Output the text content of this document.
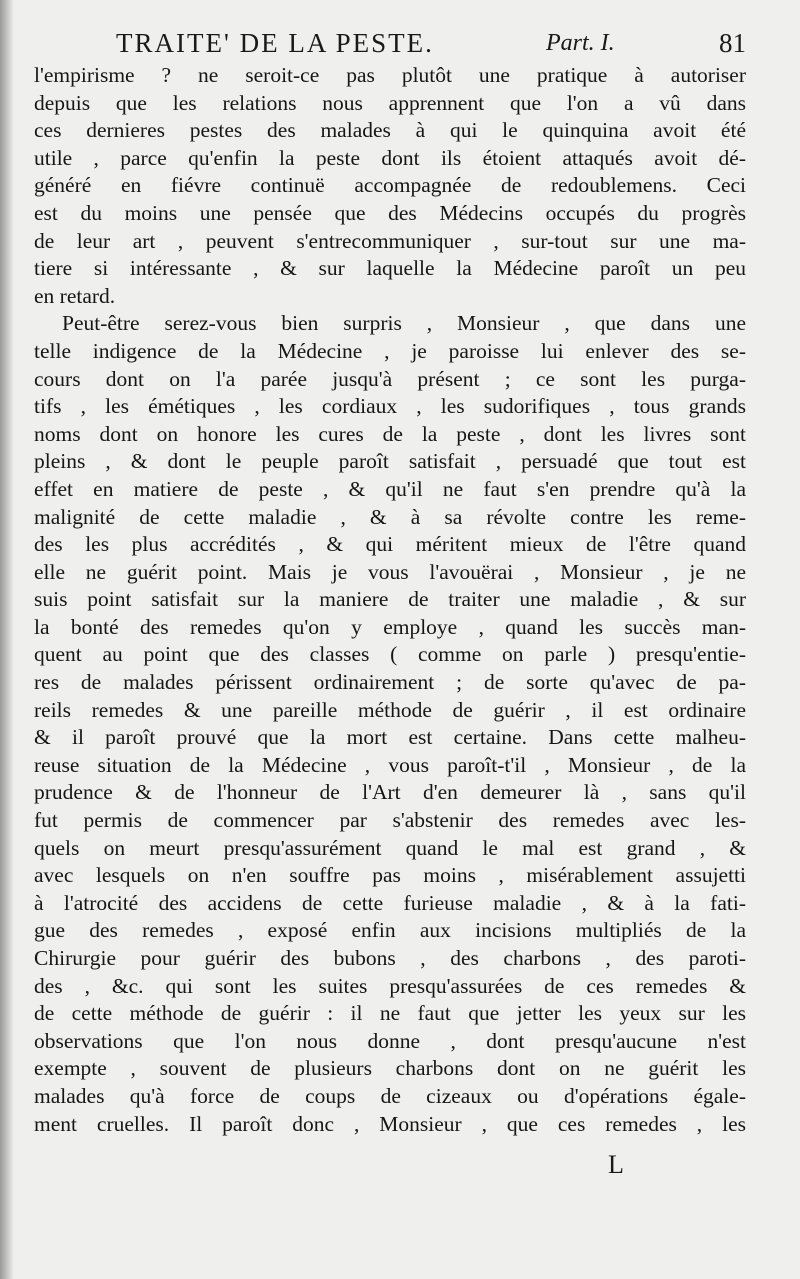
TRAITE' DE LA PESTE.	Part. I.	81
l'empirisme ? ne seroit-ce pas plutôt une pratique à autoriser
depuis que les relations nous apprennent que l'on a vû dans
ces dernieres pestes des malades à qui le quinquina avoit été
utile , parce qu'enfin la peste dont ils étoient attaqués avoit dé-
généré en fiévre continuë accompagnée de redoublemens. Ceci
est du moins une pensée que des Médecins occupés du progrès
de leur art , peuvent s'entrecommuniquer , sur-tout sur une ma-
tiere si intéressante , & sur laquelle la Médecine paroît un peu
en retard.
Peut-être serez-vous bien surpris , Monsieur , que dans une
telle indigence de la Médecine , je paroisse lui enlever des se-
cours dont on l'a parée jusqu'à présent ; ce sont les purga-
tifs , les émétiques , les cordiaux , les sudorifiques , tous grands
noms dont on honore les cures de la peste , dont les livres sont
pleins , & dont le peuple paroît satisfait , persuadé que tout est
effet en matiere de peste , & qu'il ne faut s'en prendre qu'à la
malignité de cette maladie , & à sa révolte contre les reme-
des les plus accrédités , & qui méritent mieux de l'être quand
elle ne guérit point. Mais je vous l'avouërai , Monsieur , je ne
suis point satisfait sur la maniere de traiter une maladie , & sur
la bonté des remedes qu'on y employe , quand les succès man-
quent au point que des classes ( comme on parle ) presqu'entie-
res de malades périssent ordinairement ; de sorte qu'avec de pa-
reils remedes & une pareille méthode de guérir , il est ordinaire
& il paroît prouvé que la mort est certaine. Dans cette malheu-
reuse situation de la Médecine , vous paroît-t'il , Monsieur , de la
prudence & de l'honneur de l'Art d'en demeurer là , sans qu'il
fut permis de commencer par s'abstenir des remedes avec les-
quels on meurt presqu'assurément quand le mal est grand , &
avec lesquels on n'en souffre pas moins , misérablement assujetti
à l'atrocité des accidens de cette furieuse maladie , & à la fati-
gue des remedes , exposé enfin aux incisions multipliés de la
Chirurgie pour guérir des bubons , des charbons , des paroti-
des , &c. qui sont les suites presqu'assurées de ces remedes &
de cette méthode de guérir : il ne faut que jetter les yeux sur les
observations que l'on nous donne , dont presqu'aucune n'est
exempte , souvent de plusieurs charbons dont on ne guérit les
malades qu'à force de coups de cizeaux ou d'opérations égale-
ment cruelles. Il paroît donc , Monsieur , que ces remedes , les
L
